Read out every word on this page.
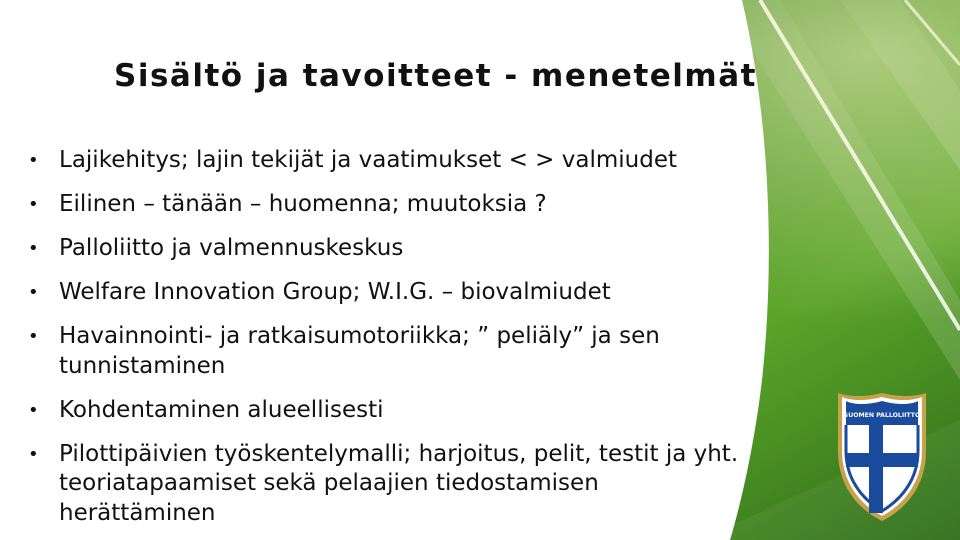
Sisältö ja tavoitteet - menetelmät
• Lajikehitys; lajin tekijät ja vaatimukset < > valmiudet
• Eilinen – tänään – huomenna; muutoksia ?
• Palloliitto ja valmennuskeskus
• Welfare Innovation Group; W.I.G. – biovalmiudet
• Havainnointi- ja ratkaisumotoriikka; ” peliäly” ja sen tunnistaminen
• Kohdentaminen alueellisesti
• Pilottipäivien työskentelymalli; harjoitus, pelit, testit ja yht. teoriatapaamiset sekä pelaajien tiedostamisen herättäminen
SUOMEN PALLOLIITTO
